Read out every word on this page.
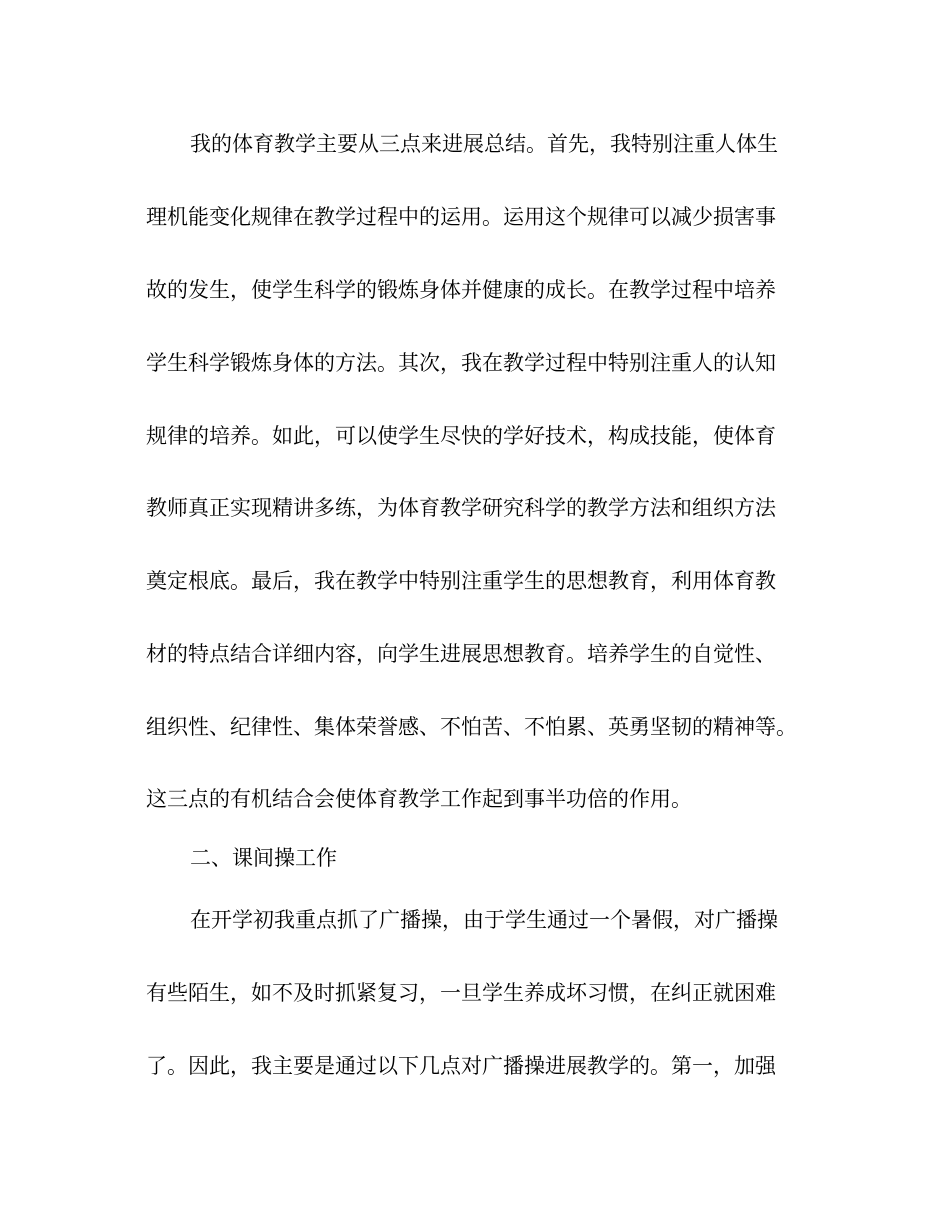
我的体育教学主要从三点来进展总结。首先，我特别注重人体生
理机能变化规律在教学过程中的运用。运用这个规律可以减少损害事
故的发生，使学生科学的锻炼身体并健康的成长。在教学过程中培养
学生科学锻炼身体的方法。其次，我在教学过程中特别注重人的认知
规律的培养。如此，可以使学生尽快的学好技术，构成技能，使体育
教师真正实现精讲多练，为体育教学研究科学的教学方法和组织方法
奠定根底。最后，我在教学中特别注重学生的思想教育，利用体育教
材的特点结合详细内容，向学生进展思想教育。培养学生的自觉性、
组织性、纪律性、集体荣誉感、不怕苦、不怕累、英勇坚韧的精神等。
这三点的有机结合会使体育教学工作起到事半功倍的作用。
二、课间操工作
在开学初我重点抓了广播操，由于学生通过一个暑假，对广播操
有些陌生，如不及时抓紧复习，一旦学生养成坏习惯，在纠正就困难
了。因此，我主要是通过以下几点对广播操进展教学的。第一，加强
